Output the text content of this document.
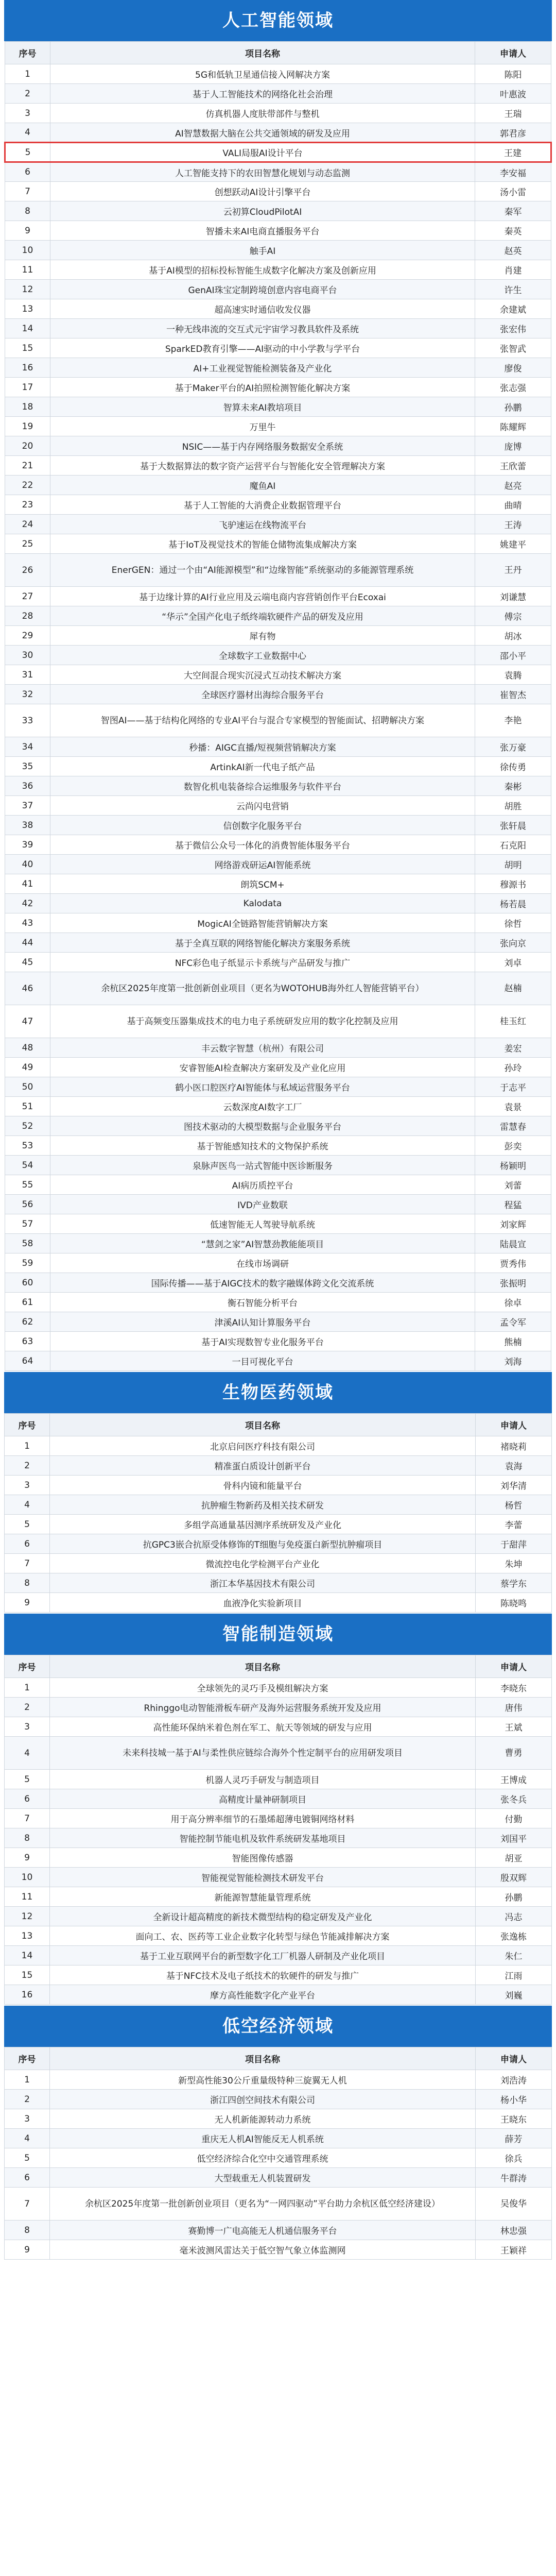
人工智能领域
序号	项目名称	申请人
1	5G和低轨卫星通信接入网解决方案	陈阳
2	基于人工智能技术的网络化社会治理	叶惠波
3	仿真机器人度肤带部件与整机	王瑞
4	AI智慧数据大脑在公共交通领域的研发及应用	郭君彦
5	VALI局服AI设计平台	王建
6	人工智能支持下的农田智慧化规划与动态监测	李安福
7	创想跃动AI设计引擎平台	汤小雷
8	云初算CloudPilotAI	秦军
9	智播未来AI电商直播服务平台	秦英
10	触手AI	赵英
11	基于AI模型的招标投标智能生成数字化解决方案及创新应用	肖建
12	GenAI珠宝定制跨境创意内容电商平台	许生
13	超高速实时通信收发仪器	余建斌
14	一种无线串流的交互式元宇宙学习教具软件及系统	张宏伟
15	SparkED教育引擎——AI驱动的中小学教与学平台	张智武
16	AI+工业视觉智能检测装备及产业化	廖俊
17	基于Maker平台的AI拍照检测智能化解决方案	张志强
18	智算未来AI教培项目	孙鹏
19	万里牛	陈耀辉
20	NSIC——基于内存网络服务数据安全系统	庞博
21	基于大数据算法的数字资产运营平台与智能化安全管理解决方案	王欣蕾
22	魔鱼AI	赵亮
23	基于人工智能的大消费企业数据管理平台	曲晴
24	飞驴速运在线物流平台	王涛
25	基于IoT及视觉技术的智能仓储物流集成解决方案	姚建平
26	EnerGEN：通过一个由“AI能源模型”和“边缘智能”系统驱动的多能源管理系统	王丹
27	基于边缘计算的AI行业应用及云端电商内容营销创作平台Ecoxai	刘谦慧
28	“华示”全国产化电子纸终端软硬件产品的研发及应用	傅宗
29	犀有物	胡冰
30	全球数字工业数据中心	邵小平
31	大空间混合现实沉浸式互动技术解决方案	袁腾
32	全球医疗器材出海综合服务平台	崔智杰
33	智图AI——基于结构化网络的专业AI平台与混合专家模型的智能面试、招聘解决方案	李艳
34	秒播：AIGC直播/短视频营销解决方案	张万豪
35	ArtinkAI新一代电子纸产品	徐传勇
36	数智化机电装备综合运维服务与软件平台	秦彬
37	云尚闪电营销	胡胜
38	信创数字化服务平台	张轩晨
39	基于微信公众号一体化的消费智能体服务平台	石克阳
40	网络游戏研运AI智能系统	胡明
41	朗筑SCM+	穆源书
42	Kalodata	杨若晨
43	MogicAI全链路智能营销解决方案	徐哲
44	基于全真互联的网络智能化解决方案服务系统	张向京
45	NFC彩色电子纸显示卡系统与产品研发与推广	刘卓
46	余杭区2025年度第一批创新创业项目（更名为WOTOHUB海外红人智能营销平台）	赵楠
47	基于高频变压器集成技术的电力电子系统研发应用的数字化控制及应用	桂玉红
48	丰云数字智慧（杭州）有限公司	姜宏
49	安睿智能AI检查解决方案研发及产业化应用	孙玲
50	鹤小医口腔医疗AI智能体与私域运营服务平台	于志平
51	云数深度AI数字工厂	袁景
52	图技术驱动的大模型数据与企业服务平台	雷慧春
53	基于智能感知技术的文物保护系统	彭奕
54	泉脉声医鸟一站式智能中医诊断服务	杨颖明
55	AI病历质控平台	刘蕾
56	IVD产业数联	程猛
57	低速智能无人驾驶导航系统	刘家辉
58	“慧剑之家”AI智慧劲教能能项目	陆晨宣
59	在线市场调研	贾秀伟
60	国际传播——基于AIGC技术的数字融媒体跨文化交流系统	张振明
61	衡石智能分析平台	徐卓
62	津溪AI认知计算服务平台	孟令军
63	基于AI实现数智专业化服务平台	熊楠
64	一目可视化平台	刘海
生物医药领域
序号	项目名称	申请人
1	北京启问医疗科技有限公司	褚晓莉
2	精准蛋白质设计创新平台	袁海
3	骨科内镜和能量平台	刘华清
4	抗肿瘤生物新药及相关技术研发	杨哲
5	多组学高通量基因测序系统研发及产业化	李蕾
6	抗GPC3嵌合抗原受体修饰的T细胞与免疫蛋白新型抗肿瘤项目	于甜萍
7	微流控电化学检测平台产业化	朱坤
8	浙江本华基因技术有限公司	蔡学东
9	血液净化实验新项目	陈晓鸣
智能制造领域
序号	项目名称	申请人
1	全球领先的灵巧手及模组解决方案	李晓东
2	Rhinggo电动智能滑板车研产及海外运营服务系统开发及应用	唐伟
3	高性能环保纳米着色剂在军工、航天等领域的研发与应用	王斌
4	未来科技城一基于AI与柔性供应链综合海外个性定制平台的应用研发项目	曹勇
5	机器人灵巧手研发与制造项目	王博成
6	高精度计量神研制项目	张冬兵
7	用于高分辨率细节的石墨烯超薄电镀铜网络材料	付勤
8	智能控制节能电机及软件系统研发基地项目	刘国平
9	智能图像传感器	胡亚
10	智能视觉智能检测技术研发平台	殷双辉
11	新能源智慧能量管理系统	孙鹏
12	全新设计超高精度的新技术微型结构的稳定研发及产业化	冯志
13	面向工、农、医药等工业企业数字化转型与绿色节能减排解决方案	张逸栋
14	基于工业互联网平台的新型数字化工厂机器人研制及产业化项目	朱仁
15	基于NFC技术及电子纸技术的软硬件的研发与推广	江雨
16	摩方高性能数字化产业平台	刘巍
低空经济领域
序号	项目名称	申请人
1	新型高性能30公斤重量级特种三旋翼无人机	刘浩涛
2	浙江四创空间技术有限公司	杨小华
3	无人机新能源转动力系统	王晓东
4	重庆无人机AI智能反无人机系统	薛芳
5	低空经济综合化空中交通管理系统	徐兵
6	大型载重无人机装置研发	牛群涛
7	余杭区2025年度第一批创新创业项目（更名为“一网四驱动”平台助力余杭区低空经济建设）	吴俊华
8	赛勤博一广电高能无人机通信服务平台	林忠强
9	毫米波测风雷达关于低空智气象立体监测网	王颖祥
